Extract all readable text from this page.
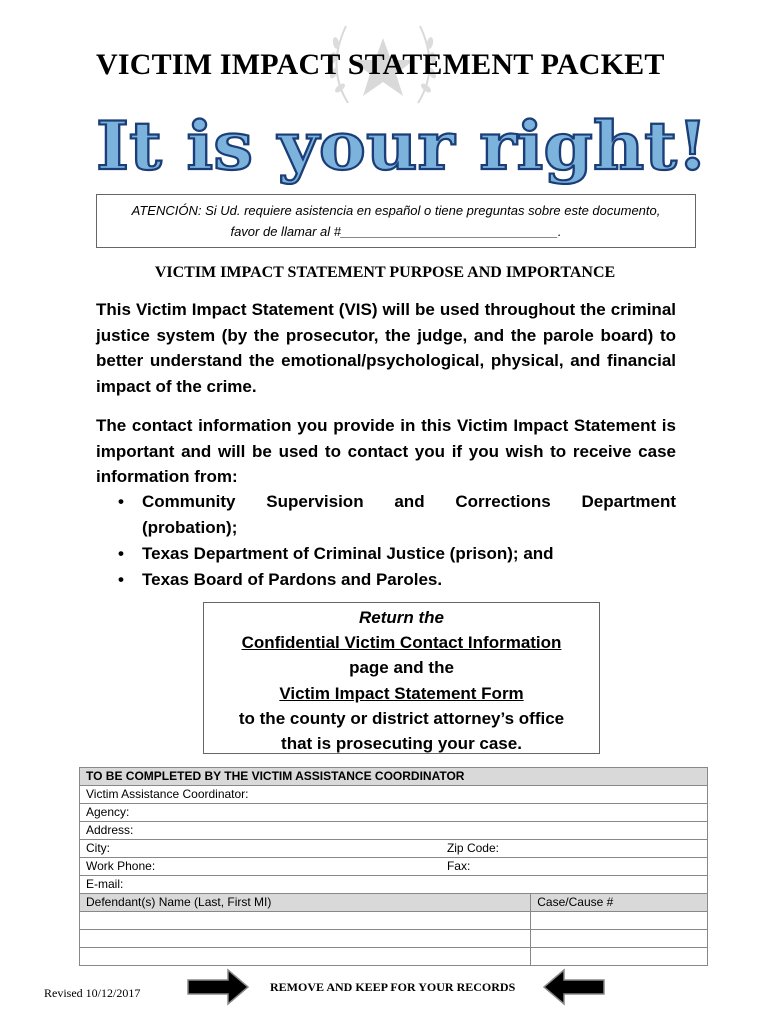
VICTIM IMPACT STATEMENT PACKET
It is your right!
ATENCIÓN: Si Ud. requiere asistencia en español o tiene preguntas sobre este documento,
favor de llamar al #______________________________.
VICTIM IMPACT STATEMENT PURPOSE AND IMPORTANCE
This Victim Impact Statement (VIS) will be used throughout the criminal justice system (by the prosecutor, the judge, and the parole board) to better understand the emotional/psychological, physical, and financial impact of the crime.
The contact information you provide in this Victim Impact Statement is important and will be used to contact you if you wish to receive case information from:
• Community Supervision and Corrections Department
(probation);
• Texas Department of Criminal Justice (prison); and
• Texas Board of Pardons and Paroles.
Return the
Confidential Victim Contact Information
page and the
Victim Impact Statement Form
to the county or district attorney’s office
that is prosecuting your case.
TO BE COMPLETED BY THE VICTIM ASSISTANCE COORDINATOR		
Victim Assistance Coordinator:		
Agency:		
Address:		
City:	Zip Code:	
Work Phone:	Fax:	
E-mail:		
Defendant(s) Name (Last, First MI)		Case/Cause #

Revised 10/12/2017	REMOVE AND KEEP FOR YOUR RECORDS
